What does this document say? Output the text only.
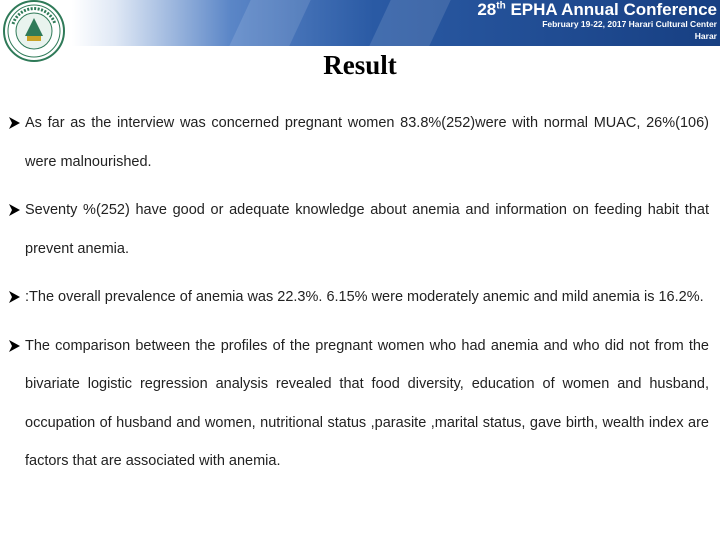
28th EPHA Annual Conference
February 19-22, 2017 Harari Cultural Center
Harar
Result
As far as the interview was concerned pregnant women 83.8%(252)were with normal MUAC, 26%(106) were malnourished.
Seventy %(252) have good or adequate knowledge about anemia and information on feeding habit that prevent anemia.
:The overall prevalence of anemia was 22.3%. 6.15% were moderately anemic and mild anemia is 16.2%.
The comparison between the profiles of the pregnant women who had anemia and who did not from the bivariate logistic regression analysis revealed that food diversity, education of women and husband, occupation of husband and women, nutritional status ,parasite ,marital status, gave birth, wealth index are factors that are associated with anemia.
